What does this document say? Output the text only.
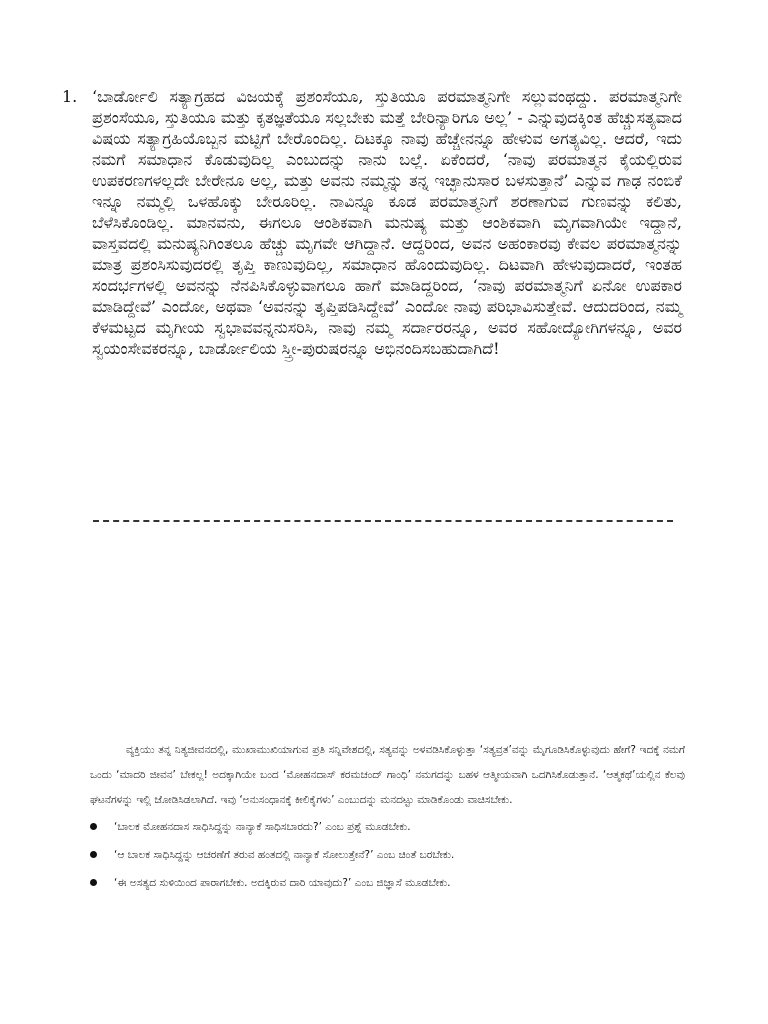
1. ‘ಬಾರ್ಡೋಲಿ ಸತ್ಯಾಗ್ರಹದ ವಿಜಯಕ್ಕೆ ಪ್ರಶಂಸೆಯೂ, ಸ್ತುತಿಯೂ ಪರಮಾತ್ಮನಿಗೇ ಸಲ್ಲುವಂಥದ್ದು. ಪರಮಾತ್ಮನಿಗೇ ಪ್ರಶಂಸೆಯೂ, ಸ್ತುತಿಯೂ ಮತ್ತು ಕೃತಜ್ಞತೆಯೂ ಸಲ್ಲಬೇಕು ಮತ್ತೆ ಬೇರಿನ್ಯಾರಿಗೂ ಅಲ್ಲ’ - ಎನ್ನುವುದಕ್ಕಿಂತ ಹೆಚ್ಚುಸತ್ಯವಾದ ವಿಷಯ ಸತ್ಯಾಗ್ರಹಿಯೊಬ್ಬನ ಮಟ್ಟಿಗೆ ಬೇರೊಂದಿಲ್ಲ. ದಿಟಕ್ಕೂ ನಾವು ಹೆಚ್ಚೇನನ್ನೂ ಹೇಳುವ ಅಗತ್ಯವಿಲ್ಲ. ಆದರೆ, ಇದು ನಮಗೆ ಸಮಾಧಾನ ಕೊಡುವುದಿಲ್ಲ ಎಂಬುದನ್ನು ನಾನು ಬಲ್ಲೆ. ಏಕೆಂದರೆ, ‘ನಾವು ಪರಮಾತ್ಮನ ಕೈಯಲ್ಲಿರುವ ಉಪಕರಣಗಳಲ್ಲದೇ ಬೇರೇನೂ ಅಲ್ಲ, ಮತ್ತು ಅವನು ನಮ್ಮನ್ನು ತನ್ನ ಇಚ್ಛಾನುಸಾರ ಬಳಸುತ್ತಾನೆ’ ಎನ್ನುವ ಗಾಢ ನಂಬಿಕೆ ಇನ್ನೂ ನಮ್ಮಲ್ಲಿ ಒಳಹೊಕ್ಕು ಬೇರೂರಿಲ್ಲ. ನಾವಿನ್ನೂ ಕೂಡ ಪರಮಾತ್ಮನಿಗೆ ಶರಣಾಗುವ ಗುಣವನ್ನು ಕಲಿತು, ಬೆಳೆಸಿಕೊಂಡಿಲ್ಲ. ಮಾನವನು, ಈಗಲೂ ಆಂಶಿಕವಾಗಿ ಮನುಷ್ಯ ಮತ್ತು ಆಂಶಿಕವಾಗಿ ಮೃಗವಾಗಿಯೇ ಇದ್ದಾನೆ, ವಾಸ್ತವದಲ್ಲಿ ಮನುಷ್ಯನಿಗಿಂತಲೂ ಹೆಚ್ಚು ಮೃಗವೇ ಆಗಿದ್ದಾನೆ. ಆದ್ದರಿಂದ, ಅವನ ಅಹಂಕಾರವು ಕೇವಲ ಪರಮಾತ್ಮನನ್ನು ಮಾತ್ರ ಪ್ರಶಂಸಿಸುವುದರಲ್ಲಿ ತೃಪ್ತಿ ಕಾಣುವುದಿಲ್ಲ, ಸಮಾಧಾನ ಹೊಂದುವುದಿಲ್ಲ. ದಿಟವಾಗಿ ಹೇಳುವುದಾದರೆ, ಇಂತಹ ಸಂದರ್ಭಗಳಲ್ಲಿ ಅವನನ್ನು ನೆನಪಿಸಿಕೊಳ್ಳುವಾಗಲೂ ಹಾಗೆ ಮಾಡಿದ್ದರಿಂದ, ‘ನಾವು ಪರಮಾತ್ಮನಿಗೆ ಏನೋ ಉಪಕಾರ ಮಾಡಿದ್ದೇವೆ’ ಎಂದೋ, ಅಥವಾ ‘ಅವನನ್ನು ತೃಪ್ತಿಪಡಿಸಿದ್ದೇವೆ’ ಎಂದೋ ನಾವು ಪರಿಭಾವಿಸುತ್ತೇವೆ. ಆದುದರಿಂದ, ನಮ್ಮ ಕೆಳಮಟ್ಟದ ಮೃಗೀಯ ಸ್ವಭಾವವನ್ನನುಸರಿಸಿ, ನಾವು ನಮ್ಮ ಸರ್ದಾರರನ್ನೂ, ಅವರ ಸಹೋದ್ಯೋಗಿಗಳನ್ನೂ, ಅವರ ಸ್ವಯಂಸೇವಕರನ್ನೂ, ಬಾರ್ಡೋಲಿಯ ಸ್ತ್ರೀ-ಪುರುಷರನ್ನೂ ಅಭಿನಂದಿಸಬಹುದಾಗಿದೆ!

ವ್ಯಕ್ತಿಯು ತನ್ನ ನಿತ್ಯಜೀವನದಲ್ಲಿ, ಮುಖಾಮುಖಿಯಾಗುವ ಪ್ರತಿ ಸನ್ನಿವೇಶದಲ್ಲಿ, ಸತ್ಯವನ್ನು ಅಳವಡಿಸಿಕೊಳ್ಳುತ್ತಾ ‘ಸತ್ಯವ್ರತ’ವನ್ನು ಮೈಗೂಡಿಸಿಕೊಳ್ಳುವುದು ಹೇಗೆ? ಇದಕ್ಕೆ ನಮಗೆ ಒಂದು ‘ಮಾದರಿ ಜೀವನ’ ಬೇಕಲ್ಲ! ಅದಕ್ಕಾಗಿಯೇ ಬಂದ ‘ಮೋಹನದಾಸ್ ಕರಮಚಂದ್ ಗಾಂಧಿ’ ನಮಗದನ್ನು ಬಹಳ ಆತ್ಮೀಯವಾಗಿ ಒದಗಿಸಿಕೊಡುತ್ತಾನೆ. ‘ಆತ್ಮಕಥೆ’ಯಲ್ಲಿನ ಕೆಲವು ಘಟನೆಗಳನ್ನು ಇಲ್ಲಿ ಜೋಡಿಸಿಡಲಾಗಿದೆ. ಇವು ‘ಅನುಸಂಧಾನಕ್ಕೆ ಕೀಲಿಕೈಗಳು’ ಎಂಬುದನ್ನು ಮನದಟ್ಟು ಮಾಡಿಕೊಂಡು ವಾಚಿಸಬೇಕು.

‘ಬಾಲಕ ಮೋಹನದಾಸ ಸಾಧಿಸಿದ್ದನ್ನು ನಾನ್ಯಾಕೆ ಸಾಧಿಸಬಾರದು?’ ಎಂಬ ಪ್ರಶ್ನೆ ಮೂಡಬೇಕು.
‘ಆ ಬಾಲಕ ಸಾಧಿಸಿದ್ದನ್ನು ಆಚರಣೆಗೆ ತರುವ ಹಂತದಲ್ಲಿ ನಾನ್ಯಾಕೆ ಸೋಲುತ್ತೇನೆ?’ ಎಂಬ ಚಿಂತೆ ಬರಬೇಕು.
‘ಈ ಅಸತ್ಯದ ಸುಳಿಯಿಂದ ಪಾರಾಗಬೇಕು. ಅದಕ್ಕಿರುವ ದಾರಿ ಯಾವುದು?’ ಎಂಬ ಜಿಜ್ಞಾಸೆ ಮೂಡಬೇಕು.
